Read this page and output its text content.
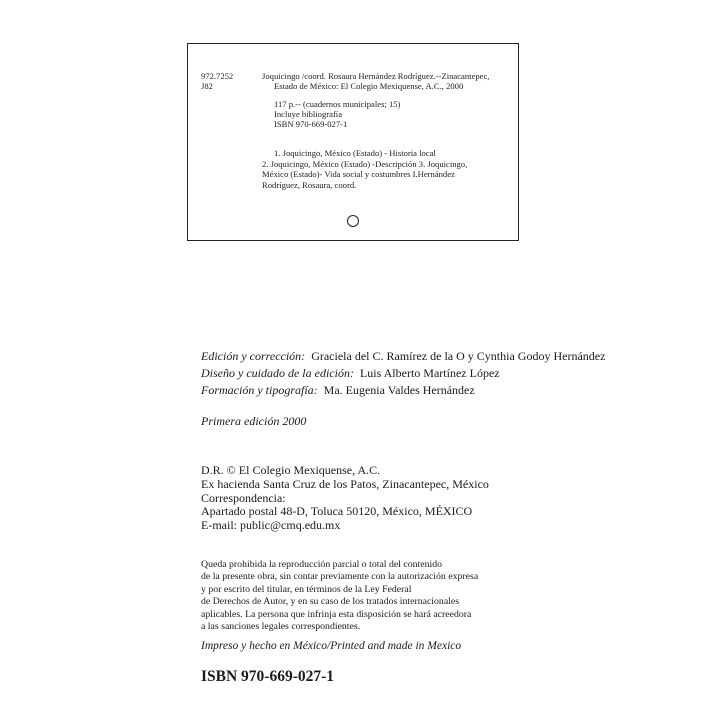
972.7252
J82
Joquicingo /coord. Rosaura Hernández Rodríguez.--Zinacantepec,
Estado de México: El Colegio Mexiquense, A.C., 2000
117 p.-- (cuadernos municipales; 15)
Incluye bibliografía
ISBN 970-669-027-1
1. Joquicingo, México (Estado) - Historia local
2. Joquicingo, México (Estado) -Descripción 3. Joquicingo,
México (Estado)- Vida social y costumbres I.Hernández
Rodríguez, Rosaura, coord.
Edición y corrección: Graciela del C. Ramírez de la O y Cynthia Godoy Hernández
Diseño y cuidado de la edición: Luis Alberto Martínez López
Formación y tipografía: Ma. Eugenia Valdes Hernández
Primera edición 2000
D.R. © El Colegio Mexiquense, A.C.
Ex hacienda Santa Cruz de los Patos, Zinacantepec, México
Correspondencia:
Apartado postal 48-D, Toluca 50120, México, MÉXICO
E-mail: public@cmq.edu.mx
Queda prohibida la reproducción parcial o total del contenido
de la presente obra, sin contar previamente con la autorización expresa
y por escrito del titular, en términos de la Ley Federal
de Derechos de Autor, y en su caso de los tratados internacionales
aplicables. La persona que infrinja esta disposición se hará acreedora
a las sanciones legales correspondientes.
Impreso y hecho en México/Printed and made in Mexico
ISBN 970-669-027-1
